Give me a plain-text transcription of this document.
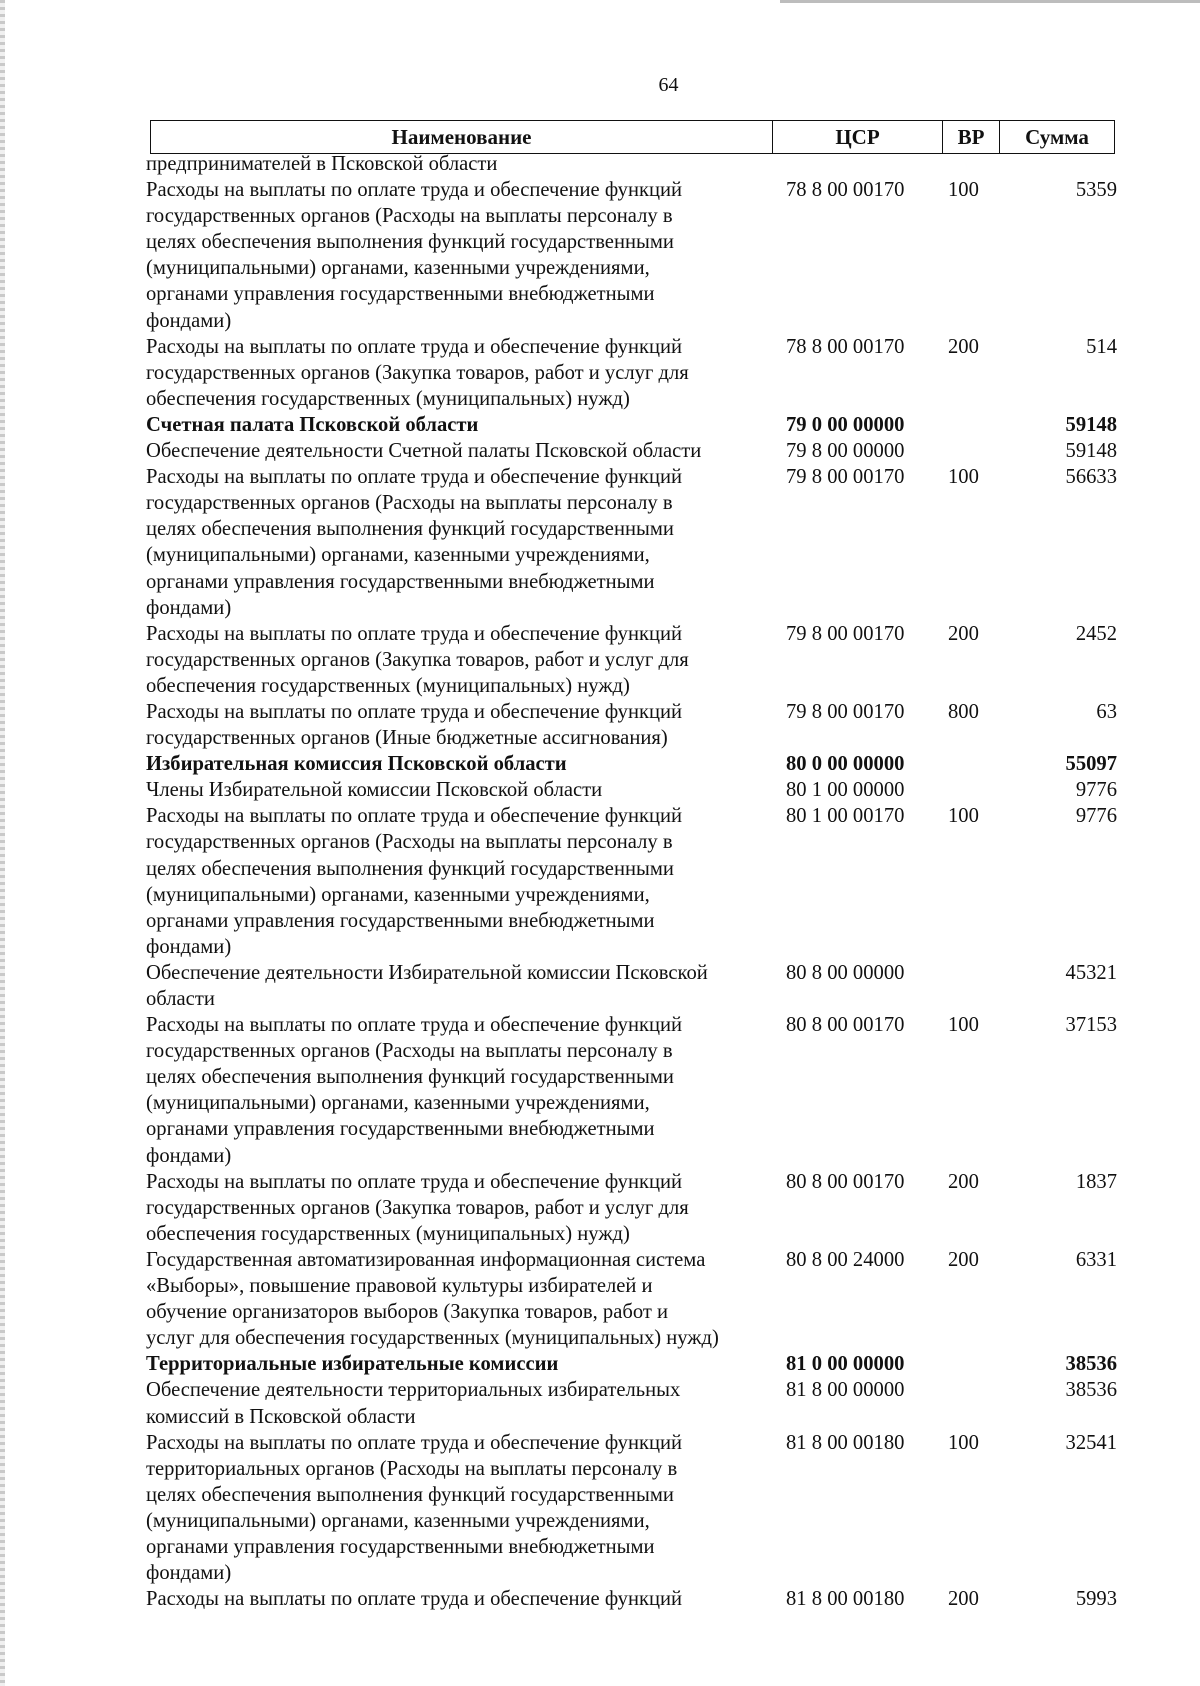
64
Наименование	ЦСР	ВР	Сумма
предпринимателей в Псковской области
Расходы на выплаты по оплате труда и обеспечение функций
государственных органов (Расходы на выплаты персоналу в
целях обеспечения выполнения функций государственными
(муниципальными) органами, казенными учреждениями,
органами управления государственными внебюджетными
фондами)
78 8 00 00170	100	5359
Расходы на выплаты по оплате труда и обеспечение функций
государственных органов (Закупка товаров, работ и услуг для
обеспечения государственных (муниципальных) нужд)
78 8 00 00170	200	514
Счетная палата Псковской области	79 0 00 00000	59148
Обеспечение деятельности Счетной палаты Псковской области	79 8 00 00000	59148
Расходы на выплаты по оплате труда и обеспечение функций
государственных органов (Расходы на выплаты персоналу в
целях обеспечения выполнения функций государственными
(муниципальными) органами, казенными учреждениями,
органами управления государственными внебюджетными
фондами)
79 8 00 00170	100	56633
Расходы на выплаты по оплате труда и обеспечение функций
государственных органов (Закупка товаров, работ и услуг для
обеспечения государственных (муниципальных) нужд)
79 8 00 00170	200	2452
Расходы на выплаты по оплате труда и обеспечение функций
государственных органов (Иные бюджетные ассигнования)
79 8 00 00170	800	63
Избирательная комиссия Псковской области	80 0 00 00000	55097
Члены Избирательной комиссии Псковской области	80 1 00 00000	9776
Расходы на выплаты по оплате труда и обеспечение функций
государственных органов (Расходы на выплаты персоналу в
целях обеспечения выполнения функций государственными
(муниципальными) органами, казенными учреждениями,
органами управления государственными внебюджетными
фондами)
80 1 00 00170	100	9776
Обеспечение деятельности Избирательной комиссии Псковской
области
80 8 00 00000	45321
Расходы на выплаты по оплате труда и обеспечение функций
государственных органов (Расходы на выплаты персоналу в
целях обеспечения выполнения функций государственными
(муниципальными) органами, казенными учреждениями,
органами управления государственными внебюджетными
фондами)
80 8 00 00170	100	37153
Расходы на выплаты по оплате труда и обеспечение функций
государственных органов (Закупка товаров, работ и услуг для
обеспечения государственных (муниципальных) нужд)
80 8 00 00170	200	1837
Государственная автоматизированная информационная система
«Выборы», повышение правовой культуры избирателей и
обучение организаторов выборов (Закупка товаров, работ и
услуг для обеспечения государственных (муниципальных) нужд)
80 8 00 24000	200	6331
Территориальные избирательные комиссии	81 0 00 00000	38536
Обеспечение деятельности территориальных избирательных
комиссий в Псковской области
81 8 00 00000	38536
Расходы на выплаты по оплате труда и обеспечение функций
территориальных органов (Расходы на выплаты персоналу в
целях обеспечения выполнения функций государственными
(муниципальными) органами, казенными учреждениями,
органами управления государственными внебюджетными
фондами)
81 8 00 00180	100	32541
Расходы на выплаты по оплате труда и обеспечение функций	81 8 00 00180	200	5993
